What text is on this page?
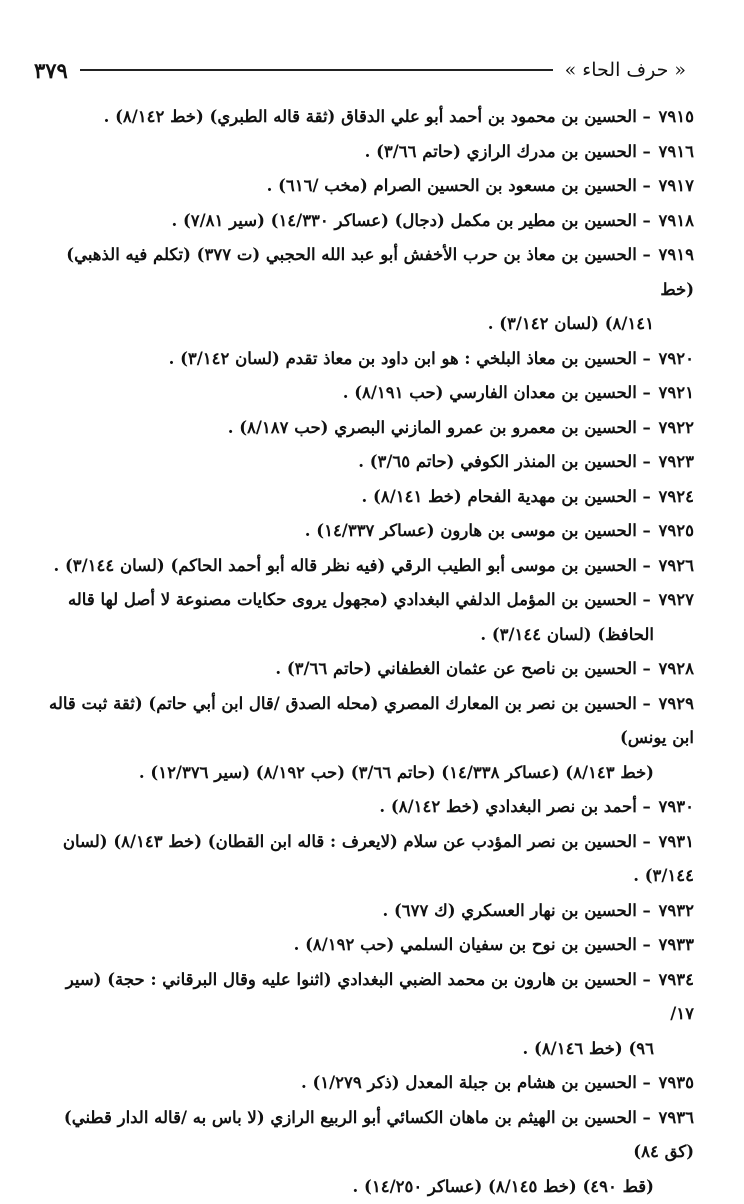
« حرف الحاء »
٣٧٩
٧٩١٥ – الحسين بن محمود بن أحمد أبو علي الدقاق (ثقة قاله الطبري) (خط ٨/١٤٢) .
٧٩١٦ – الحسين بن مدرك الرازي (حاتم ٣/٦٦) .
٧٩١٧ – الحسين بن مسعود بن الحسين الصرام (مخب /٦١٦) .
٧٩١٨ – الحسين بن مطير بن مكمل (دجال) (عساكر ١٤/٣٣٠) (سير ٧/٨١) .
٧٩١٩ – الحسين بن معاذ بن حرب الأخفش أبو عبد الله الحجبي (ت ٣٧٧) (تكلم فيه الذهبي) (خط
٨/١٤١) (لسان ٣/١٤٢) .
٧٩٢٠ – الحسين بن معاذ البلخي : هو ابن داود بن معاذ تقدم (لسان ٣/١٤٢) .
٧٩٢١ – الحسين بن معدان الفارسي (حب ٨/١٩١) .
٧٩٢٢ – الحسين بن معمرو بن عمرو المازني البصري (حب ٨/١٨٧) .
٧٩٢٣ – الحسين بن المنذر الكوفي (حاتم ٣/٦٥) .
٧٩٢٤ – الحسين بن مهدية الفحام (خط ٨/١٤١) .
٧٩٢٥ – الحسين بن موسى بن هارون (عساكر ١٤/٣٣٧) .
٧٩٢٦ – الحسين بن موسى أبو الطيب الرقي (فيه نظر قاله أبو أحمد الحاكم) (لسان ٣/١٤٤) .
٧٩٢٧ – الحسين بن المؤمل الدلفي البغدادي (مجهول يروى حكايات مصنوعة لا أصل لها قاله
الحافظ) (لسان ٣/١٤٤) .
٧٩٢٨ – الحسين بن ناصح عن عثمان الغطفاني (حاتم ٣/٦٦) .
٧٩٢٩ – الحسين بن نصر بن المعارك المصري (محله الصدق /قال ابن أبي حاتم) (ثقة ثبت قاله ابن يونس)
(خط ٨/١٤٣) (عساكر ١٤/٣٣٨) (حاتم ٣/٦٦) (حب ٨/١٩٢) (سير ١٢/٣٧٦) .
٧٩٣٠ – أحمد بن نصر البغدادي (خط ٨/١٤٢) .
٧٩٣١ – الحسين بن نصر المؤدب عن سلام (لايعرف : قاله ابن القطان) (خط ٨/١٤٣) (لسان ٣/١٤٤) .
٧٩٣٢ – الحسين بن نهار العسكري (ك ٦٧٧) .
٧٩٣٣ – الحسين بن نوح بن سفيان السلمي (حب ٨/١٩٢) .
٧٩٣٤ – الحسين بن هارون بن محمد الضبي البغدادي (اثنوا عليه وقال البرقاني : حجة) (سير ١٧/
٩٦) (خط ٨/١٤٦) .
٧٩٣٥ – الحسين بن هشام بن جبلة المعدل (ذكر ١/٢٧٩) .
٧٩٣٦ – الحسين بن الهيثم بن ماهان الكسائي أبو الربيع الرازي (لا باس به /قاله الدار قطني) (كق ٨٤)
(قط ٤٩٠) (خط ٨/١٤٥) (عساكر ١٤/٢٥٠) .
